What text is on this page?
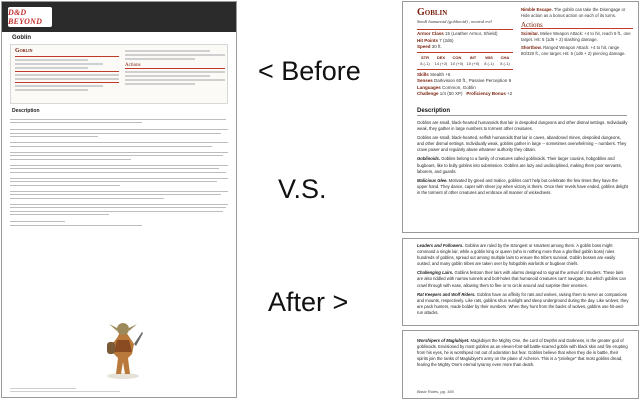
D&D BEYOND
Goblin
Goblin
Actions
Description
< Before
V.S.
After >
Goblin
Small humanoid (goblinoid) , neutral evil
Armor Class 15 (Leather Armor, Shield)
Hit Points 7 (2d6)
Speed 30 ft.
STR	DEX	CON	INT	WIS	CHA
8 (-1)	14 (+2) 10 (+0) 10 (+0)	8 (-1)	8 (-1)
Skills Stealth +6
Senses Darkvision 60 ft., Passive Perception 9
Languages Common, Goblin
Challenge 1/4 (50 XP) Proficiency Bonus +2
Nimble Escape. The goblin can take the Disengage or Hide action as a bonus action on each of its turns.
Actions
Scimitar. Melee Weapon Attack: +4 to hit, reach 5 ft., one target. Hit: 5 (1d6 + 2) slashing damage.
Shortbow. Ranged Weapon Attack: +4 to hit, range 80/320 ft., one target. Hit: 5 (1d6 + 2) piercing damage.
Description

Goblins are small, black-hearted humanoids that lair in despoiled dungeons and other dismal settings. Individually weak, they gather in large numbers to torment other creatures.

Goblins are small, black-hearted, selfish humanoids that lair in caves, abandoned mines, despoiled dungeons, and other dismal settings. Individually weak, goblins gather in large -- sometimes overwhelming -- numbers. They crave power and regularly abuse whatever authority they obtain.

Goblinoids. Goblins belong to a family of creatures called goblinoids. Their larger cousins, hobgoblins and bugbears, like to bully goblins into submission. Goblins are lazy and undisciplined, making them poor servants, laborers, and guards.

Malicious Glee. Motivated by greed and malice, goblins can't help but celebrate the few times they have the upper hand. They dance, caper with sheer joy when victory is theirs. Once their revels have ended, goblins delight in the torment of other creatures and embrace all manner of wickedness.

Leaders and Followers. Goblins are ruled by the strongest or smartest among them. A goblin boss might command a single lair, while a goblin king or queen (who is nothing more than a glorified goblin boss) rules hundreds of goblins, spread out among multiple lairs to ensure the tribe's survival. Goblin bosses are easily ousted, and many goblin tribes are taken over by hobgoblin warlords or bugbear chiefs.

Challenging Lairs. Goblins festoon their lairs with alarms designed to signal the arrival of intruders. These lairs are also riddled with narrow tunnels and bolt-holes that humanoid creatures can't navigate, but which goblins can crawl through with ease, allowing them to flee or to circle around and surprise their enemies.

Rat Keepers and Wolf Riders. Goblins have an affinity for rats and wolves, raising them to serve as companions and mounts, respectively. Like rats, goblins shun sunlight and sleep underground during the day. Like wolves, they are pack hunters, made bolder by their numbers. When they hunt from the backs of wolves, goblins use hit-and-run attacks.

Worshipers of Maglubiyet. Maglubiyet the Mighty One, the Lord of Depths and Darkness, is the greater god of goblinoids. Envisioned by most goblins as an eleven-foot-tall battle-scarred goblin with black skin and fire erupting from his eyes, he is worshiped not out of adoration but fear. Goblins believe that when they die in battle, their spirits join the ranks of Maglubiyet's army on the plane of Acheron. This is a "privilege" that most goblins dread, fearing the Mighty One's eternal tyranny even more than death.

Basic Rules, pg. 166
